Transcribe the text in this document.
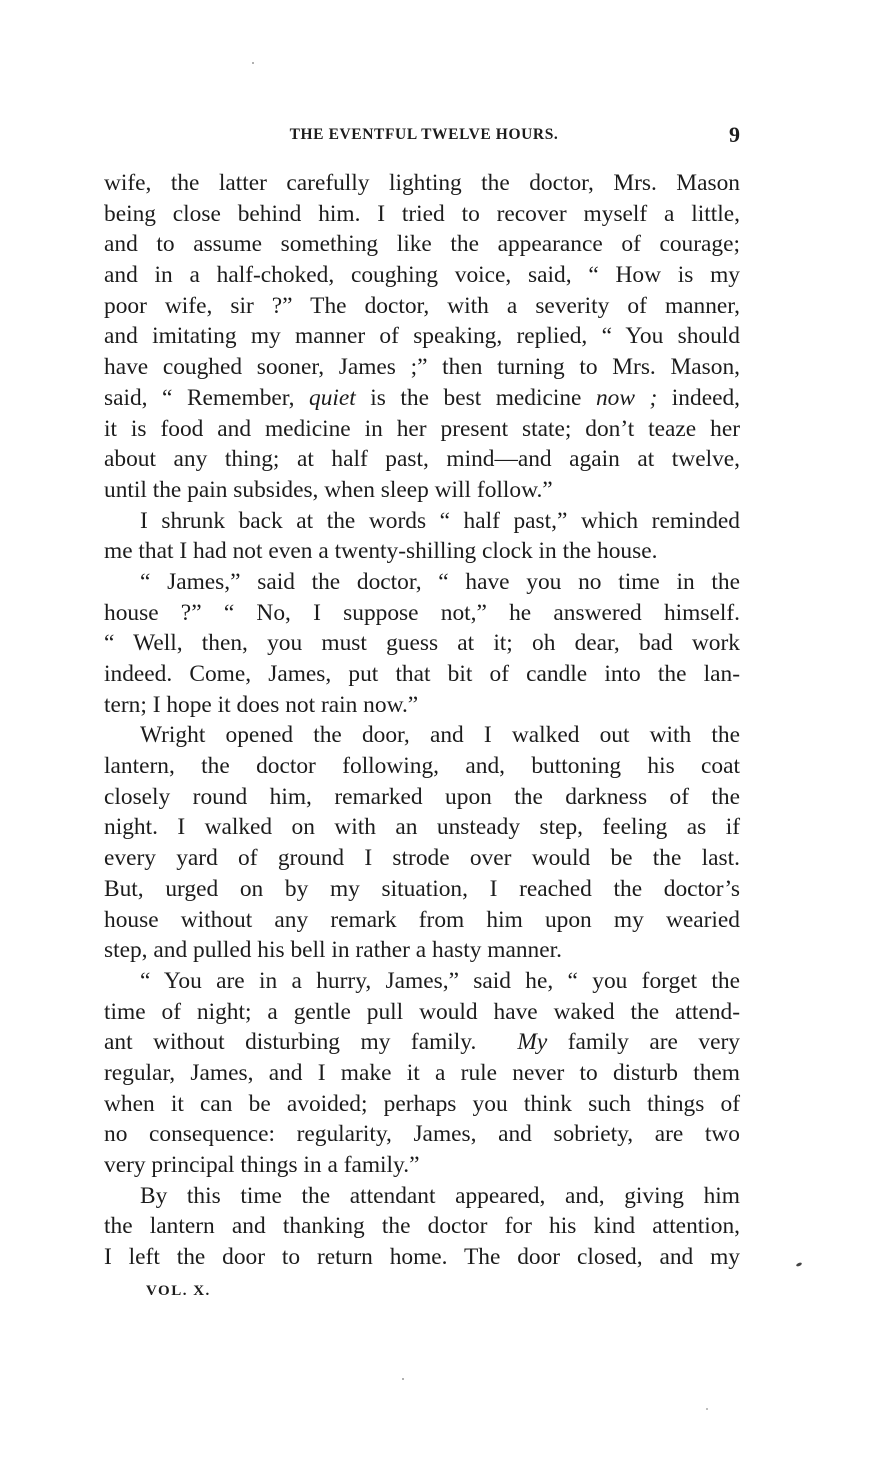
THE EVENTFUL TWELVE HOURS.	9
wife, the latter carefully lighting the doctor, Mrs. Mason
being close behind him. I tried to recover myself a little,
and to assume something like the appearance of courage;
and in a half-choked, coughing voice, said, “ How is my
poor wife, sir ?” The doctor, with a severity of manner,
and imitating my manner of speaking, replied, “ You should
have coughed sooner, James ;” then turning to Mrs. Mason,
said, “ Remember, quiet is the best medicine now ; indeed,
it is food and medicine in her present state; don’t teaze her
about any thing; at half past, mind—and again at twelve,
until the pain subsides, when sleep will follow.”
I shrunk back at the words “ half past,” which reminded
me that I had not even a twenty-shilling clock in the house.
“ James,” said the doctor, “ have you no time in the
house ?” “ No, I suppose not,” he answered himself.
“ Well, then, you must guess at it; oh dear, bad work
indeed. Come, James, put that bit of candle into the lan-
tern; I hope it does not rain now.”
Wright opened the door, and I walked out with the
lantern, the doctor following, and, buttoning his coat
closely round him, remarked upon the darkness of the
night. I walked on with an unsteady step, feeling as if
every yard of ground I strode over would be the last.
But, urged on by my situation, I reached the doctor’s
house without any remark from him upon my wearied
step, and pulled his bell in rather a hasty manner.
“ You are in a hurry, James,” said he, “ you forget the
time of night; a gentle pull would have waked the attend-
ant without disturbing my family.  My family are very
regular, James, and I make it a rule never to disturb them
when it can be avoided; perhaps you think such things of
no consequence: regularity, James, and sobriety, are two
very principal things in a family.”
By this time the attendant appeared, and, giving him
the lantern and thanking the doctor for his kind attention,
I left the door to return home. The door closed, and my
VOL. X.
